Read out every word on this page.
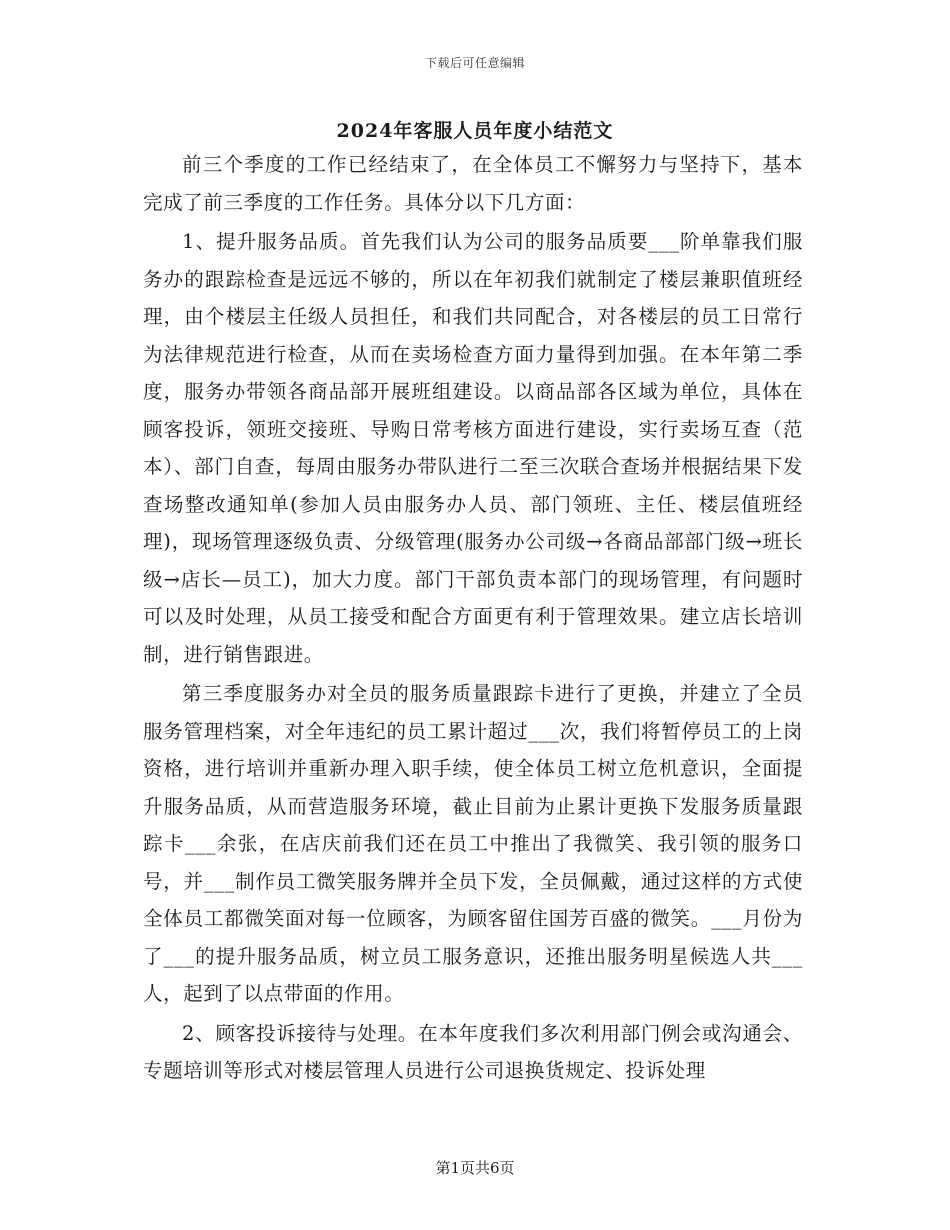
下载后可任意编辑
2024年客服人员年度小结范文

前三个季度的工作已经结束了，在全体员工不懈努力与坚持下，基本完成了前三季度的工作任务。具体分以下几方面：

1、提升服务品质。首先我们认为公司的服务品质要___阶单靠我们服务办的跟踪检查是远远不够的，所以在年初我们就制定了楼层兼职值班经理，由个楼层主任级人员担任，和我们共同配合，对各楼层的员工日常行为法律规范进行检查，从而在卖场检查方面力量得到加强。在本年第二季度，服务办带领各商品部开展班组建设。以商品部各区域为单位，具体在顾客投诉，领班交接班、导购日常考核方面进行建设，实行卖场互查（范本）、部门自查，每周由服务办带队进行二至三次联合查场并根据结果下发查场整改通知单(参加人员由服务办人员、部门领班、主任、楼层值班经理)，现场管理逐级负责、分级管理(服务办公司级→各商品部部门级→班长级→店长—员工)，加大力度。部门干部负责本部门的现场管理，有问题时可以及时处理，从员工接受和配合方面更有利于管理效果。建立店长培训制，进行销售跟进。

第三季度服务办对全员的服务质量跟踪卡进行了更换，并建立了全员服务管理档案，对全年违纪的员工累计超过___次，我们将暂停员工的上岗资格，进行培训并重新办理入职手续，使全体员工树立危机意识，全面提升服务品质，从而营造服务环境，截止目前为止累计更换下发服务质量跟踪卡___余张，在店庆前我们还在员工中推出了我微笑、我引领的服务口号，并___制作员工微笑服务牌并全员下发，全员佩戴，通过这样的方式使全体员工都微笑面对每一位顾客，为顾客留住国芳百盛的微笑。___月份为了___的提升服务品质，树立员工服务意识，还推出服务明星候选人共___人，起到了以点带面的作用。

2、顾客投诉接待与处理。在本年度我们多次利用部门例会或沟通会、专题培训等形式对楼层管理人员进行公司退换货规定、投诉处理

第1页共6页
